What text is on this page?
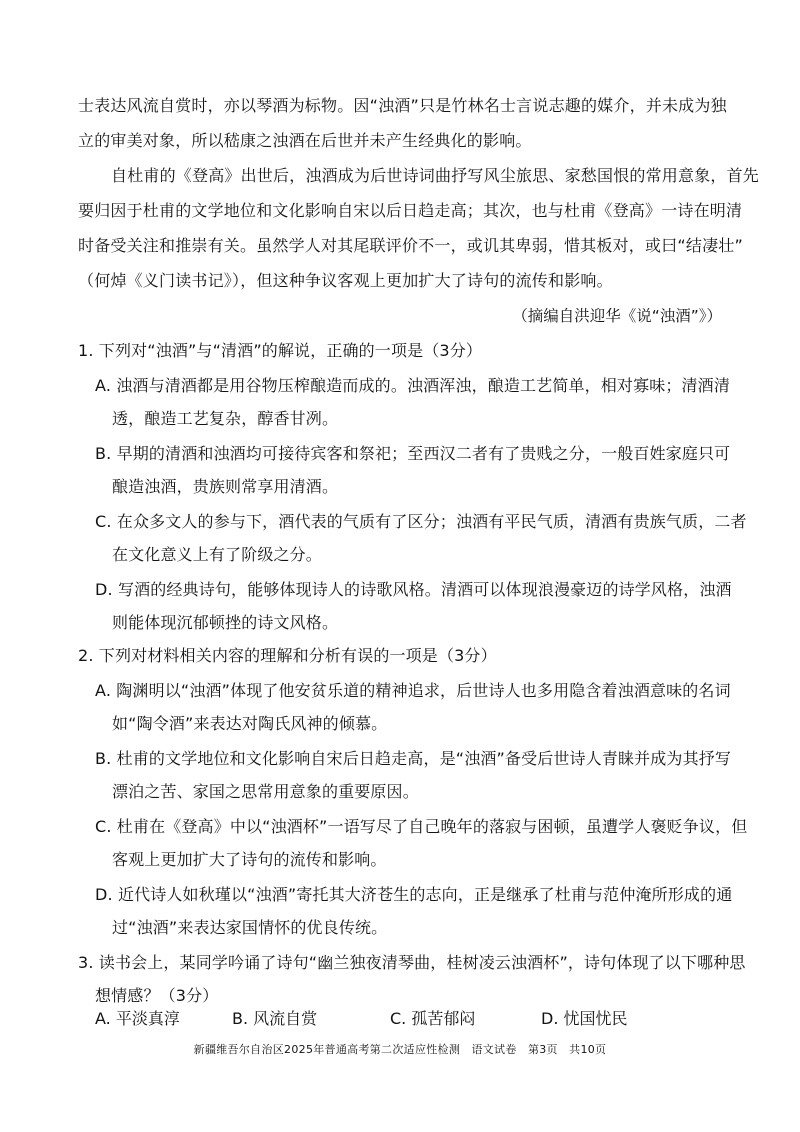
士表达风流自赏时，亦以琴酒为标物。因“浊酒”只是竹林名士言说志趣的媒介，并未成为独
立的审美对象，所以嵇康之浊酒在后世并未产生经典化的影响。
自杜甫的《登高》出世后，浊酒成为后世诗词曲抒写风尘旅思、家愁国恨的常用意象，首先
要归因于杜甫的文学地位和文化影响自宋以后日趋走高；其次，也与杜甫《登高》一诗在明清
时备受关注和推崇有关。虽然学人对其尾联评价不一，或讥其卑弱，惜其板对，或曰“结凄壮”
（何焯《义门读书记》），但这种争议客观上更加扩大了诗句的流传和影响。
（摘编自洪迎华《说“浊酒”》）
1. 下列对“浊酒”与“清酒”的解说，正确的一项是（3分）
A. 浊酒与清酒都是用谷物压榨酿造而成的。浊酒浑浊，酿造工艺简单，相对寡味；清酒清
透，酿造工艺复杂，醇香甘冽。
B. 早期的清酒和浊酒均可接待宾客和祭祀；至西汉二者有了贵贱之分，一般百姓家庭只可
酿造浊酒，贵族则常享用清酒。
C. 在众多文人的参与下，酒代表的气质有了区分；浊酒有平民气质，清酒有贵族气质，二者
在文化意义上有了阶级之分。
D. 写酒的经典诗句，能够体现诗人的诗歌风格。清酒可以体现浪漫豪迈的诗学风格，浊酒
则能体现沉郁顿挫的诗文风格。
2. 下列对材料相关内容的理解和分析有误的一项是（3分）
A. 陶渊明以“浊酒”体现了他安贫乐道的精神追求，后世诗人也多用隐含着浊酒意味的名词
如“陶令酒”来表达对陶氏风神的倾慕。
B. 杜甫的文学地位和文化影响自宋后日趋走高，是“浊酒”备受后世诗人青睐并成为其抒写
漂泊之苦、家国之思常用意象的重要原因。
C. 杜甫在《登高》中以“浊酒杯”一语写尽了自己晚年的落寂与困顿，虽遭学人褒贬争议，但
客观上更加扩大了诗句的流传和影响。
D. 近代诗人如秋瑾以“浊酒”寄托其大济苍生的志向，正是继承了杜甫与范仲淹所形成的通
过“浊酒”来表达家国情怀的优良传统。
3. 读书会上，某同学吟诵了诗句“幽兰独夜清琴曲，桂树凌云浊酒杯”，诗句体现了以下哪种思
想情感？（3分）
A. 平淡真淳	B. 风流自赏	C. 孤苦郁闷	D. 忧国忧民
新疆维吾尔自治区2025年普通高考第二次适应性检测　语文试卷　第3页　共10页
